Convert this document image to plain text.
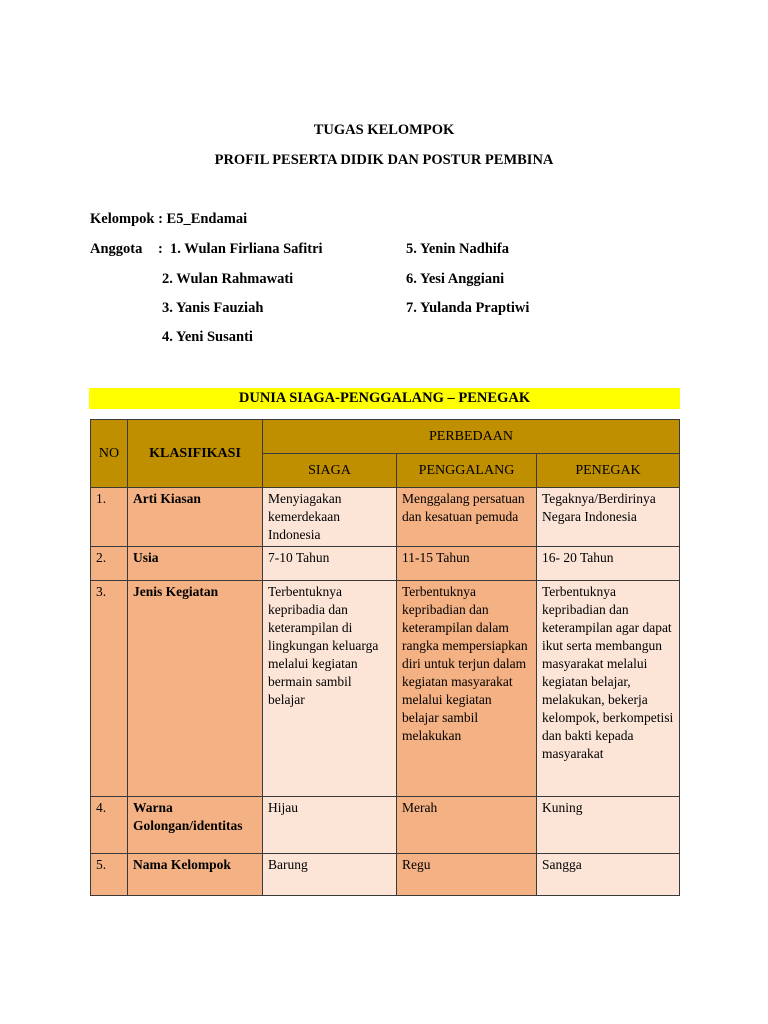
TUGAS KELOMPOK
PROFIL PESERTA DIDIK DAN POSTUR PEMBINA
Kelompok : E5_Endamai
Anggota : 1. Wulan Firliana Safitri
2. Wulan Rahmawati
3. Yanis Fauziah
4. Yeni Susanti
5. Yenin Nadhifa
6. Yesi Anggiani
7. Yulanda Praptiwi
DUNIA SIAGA-PENGGALANG – PENEGAK
NO	KLASIFIKASI	PERBEDAAN		
		SIAGA	PENGGALANG	PENEGAK
1.	Arti Kiasan	Menyiagakan kemerdekaan Indonesia	Menggalang persatuan dan kesatuan pemuda	Tegaknya/Berdirinya Negara Indonesia
2.	Usia	7-10 Tahun	11-15 Tahun	16- 20 Tahun
3.	Jenis Kegiatan	Terbentuknya kepribadia dan keterampilan di lingkungan keluarga melalui kegiatan bermain sambil belajar	Terbentuknya kepribadian dan keterampilan dalam rangka mempersiapkan diri untuk terjun dalam kegiatan masyarakat melalui kegiatan belajar sambil melakukan	Terbentuknya kepribadian dan keterampilan agar dapat ikut serta membangun masyarakat melalui kegiatan belajar, melakukan, bekerja kelompok, berkompetisi dan bakti kepada masyarakat
4.	Warna Golongan/identitas	Hijau	Merah	Kuning
5.	Nama Kelompok	Barung	Regu	Sangga
